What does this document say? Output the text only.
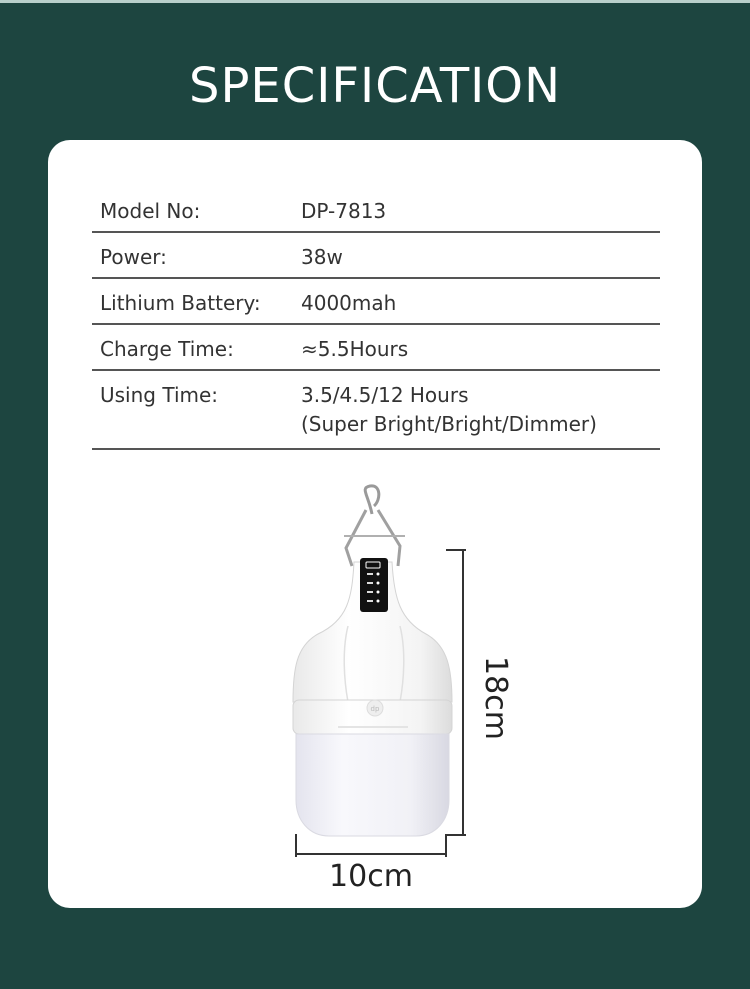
SPECIFICATION
Model No:	DP-7813
Power:	38w
Lithium Battery:	4000mah
Charge Time:	≈5.5Hours
Using Time:	3.5/4.5/12 Hours
(Super Bright/Bright/Dimmer)
dp	18cm
10cm
